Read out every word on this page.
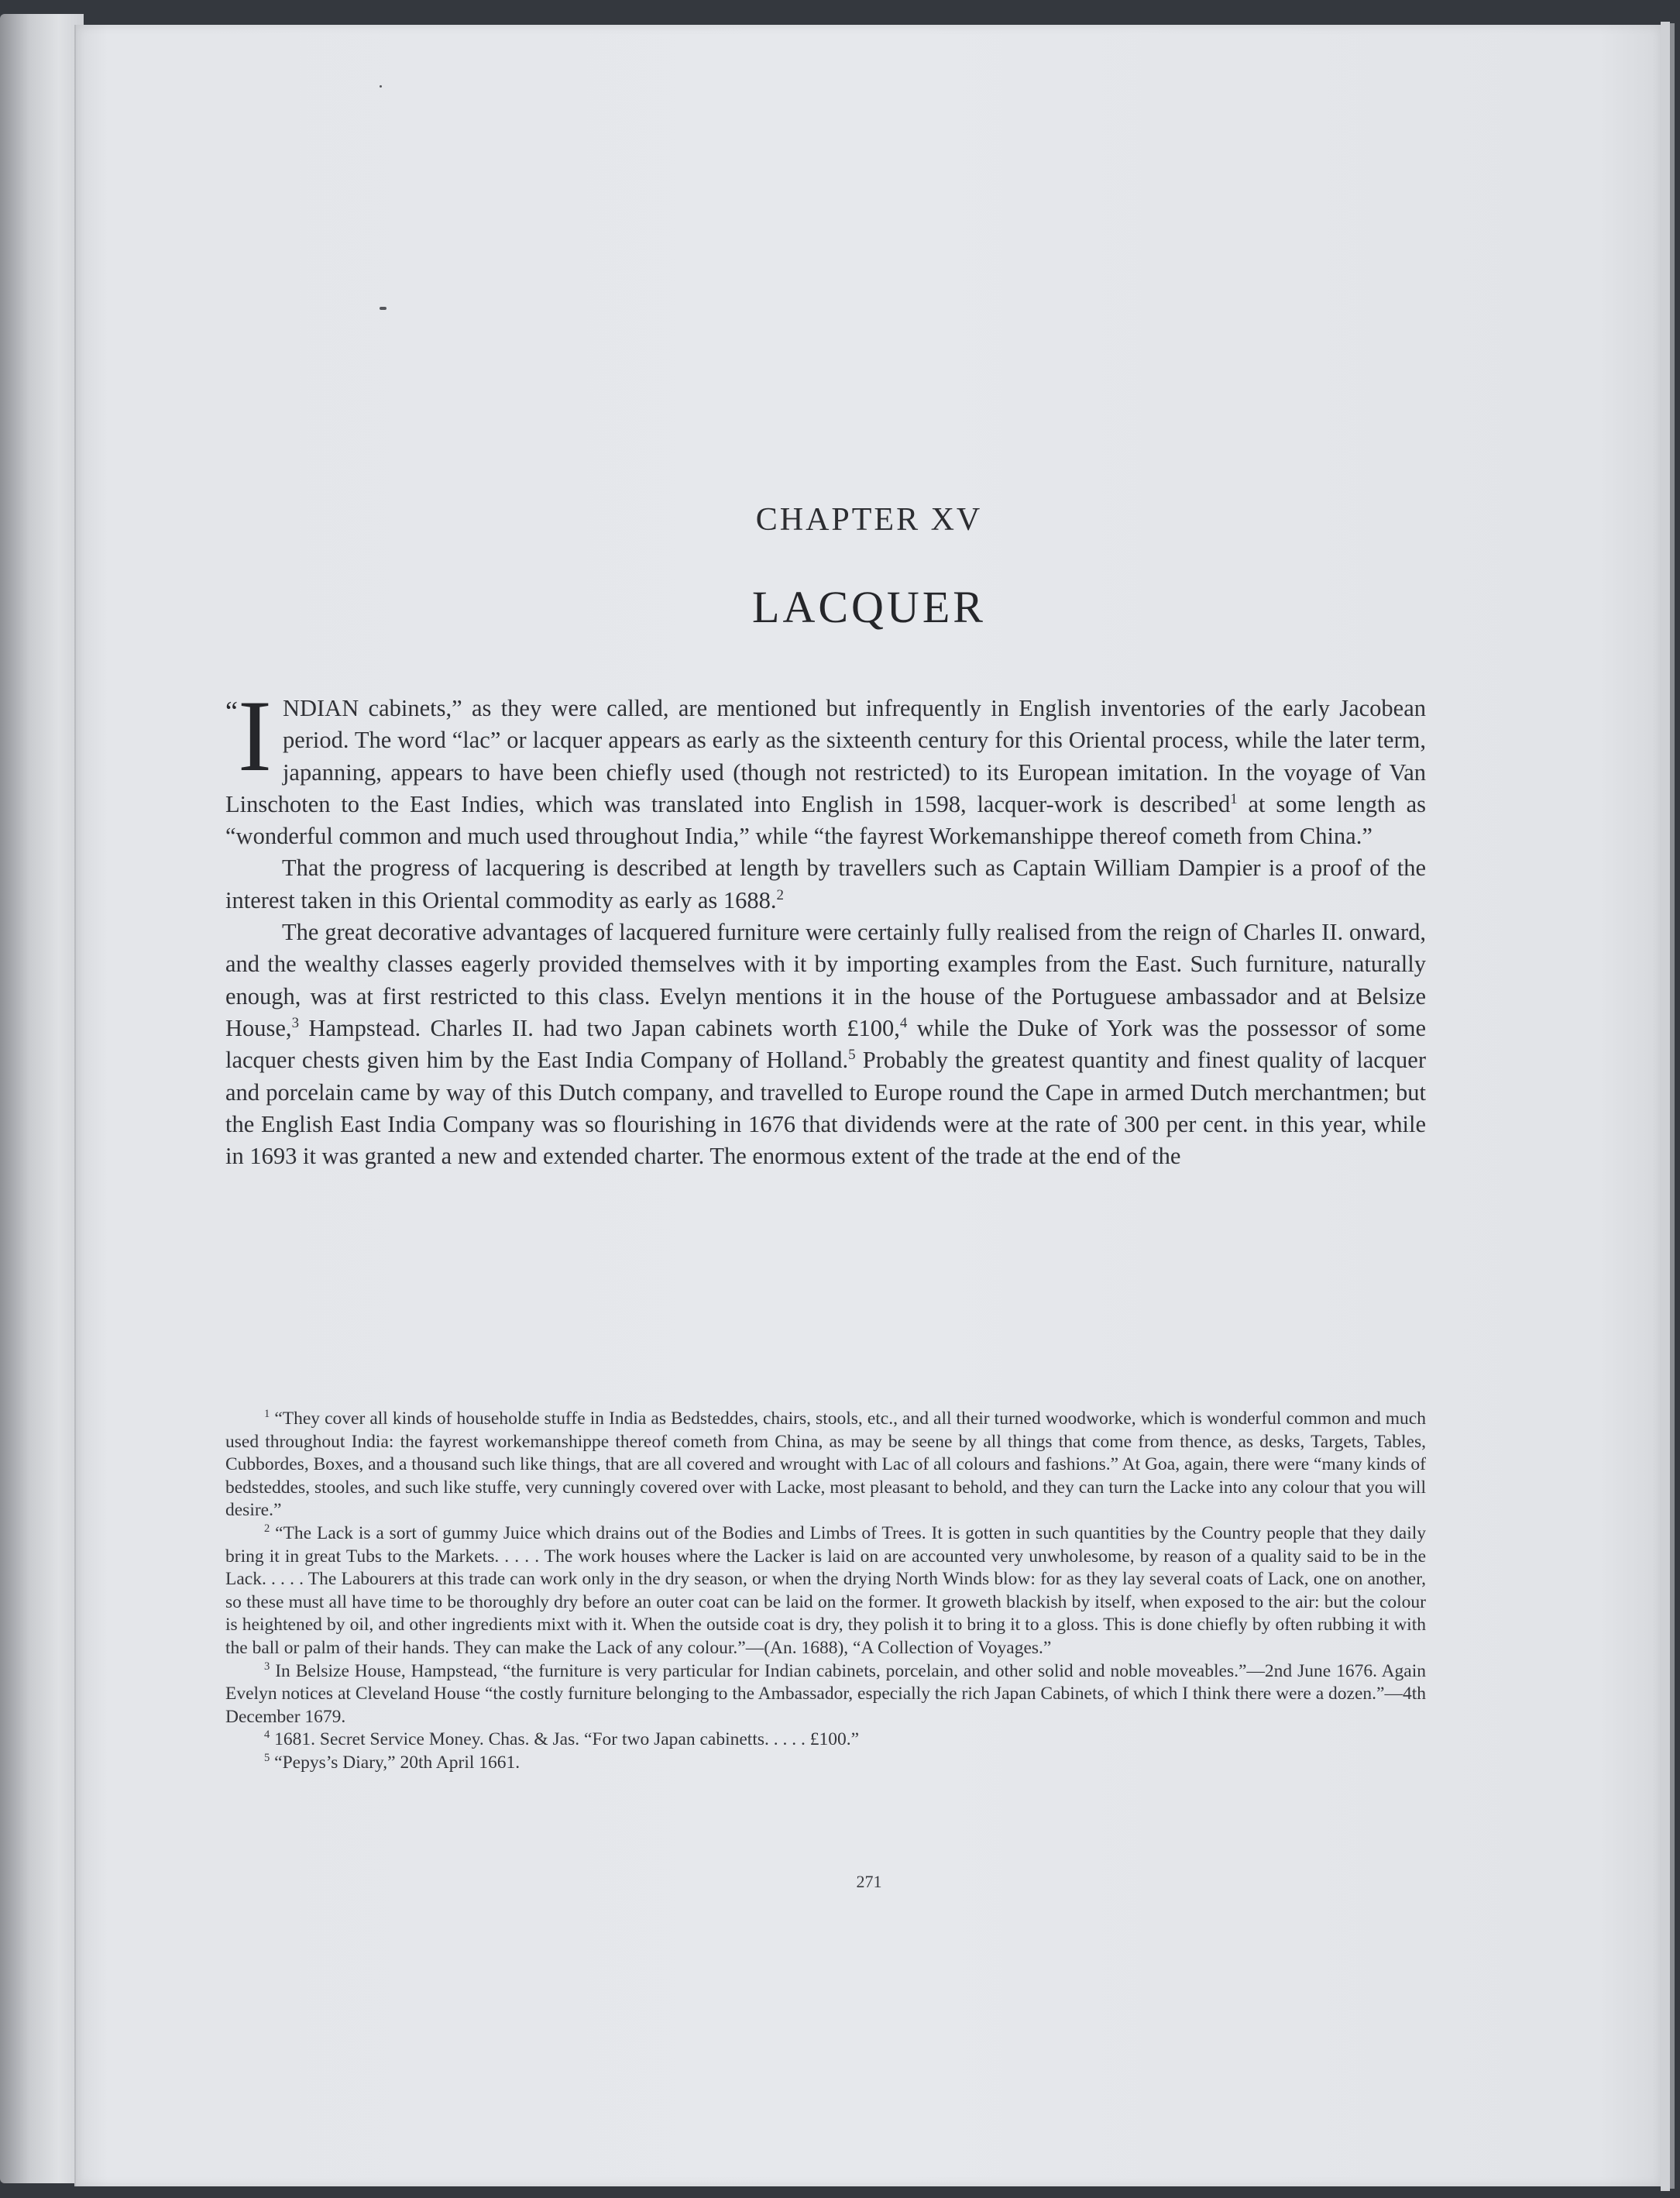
CHAPTER XV
LACQUER

“I NDIAN cabinets,” as they were called, are mentioned but infrequently in English inventories of the early Jacobean period. The word “lac” or lacquer appears as early as the sixteenth century for this Oriental process, while the later term, japanning, appears to have been chiefly used (though not restricted) to its European imitation. In the voyage of Van Linschoten to the East Indies, which was translated into English in 1598, lacquer-work is described$^1$ at some length as “wonderful common and much used throughout India,” while “the fayrest Workemanshippe thereof cometh from China.”

That the progress of lacquering is described at length by travellers such as Captain William Dampier is a proof of the interest taken in this Oriental commodity as early as 1688.$^2$

The great decorative advantages of lacquered furniture were certainly fully realised from the reign of Charles II. onward, and the wealthy classes eagerly provided themselves with it by importing examples from the East. Such furniture, naturally enough, was at first restricted to this class. Evelyn mentions it in the house of the Portuguese ambassador and at Belsize House,$^3$ Hampstead. Charles II. had two Japan cabinets worth £100,$^4$ while the Duke of York was the possessor of some lacquer chests given him by the East India Company of Holland.$^5$ Probably the greatest quantity and finest quality of lacquer and porcelain came by way of this Dutch company, and travelled to Europe round the Cape in armed Dutch merchantmen; but the English East India Company was so flourishing in 1676 that dividends were at the rate of 300 per cent. in this year, while in 1693 it was granted a new and extended charter. The enormous extent of the trade at the end of the

$^1$ “They cover all kinds of householde stuffe in India as Bedsteddes, chairs, stools, etc., and all their turned woodworke, which is wonderful common and much used throughout India: the fayrest workemanshippe thereof cometh from China, as may be seene by all things that come from thence, as desks, Targets, Tables, Cubbordes, Boxes, and a thousand such like things, that are all covered and wrought with Lac of all colours and fashions.” At Goa, again, there were “many kinds of bedsteddes, stooles, and such like stuffe, very cunningly covered over with Lacke, most pleasant to behold, and they can turn the Lacke into any colour that you will desire.”

$^2$ “The Lack is a sort of gummy Juice which drains out of the Bodies and Limbs of Trees. It is gotten in such quantities by the Country people that they daily bring it in great Tubs to the Markets. . . . . The work houses where the Lacker is laid on are accounted very unwholesome, by reason of a quality said to be in the Lack. . . . . The Labourers at this trade can work only in the dry season, or when the drying North Winds blow: for as they lay several coats of Lack, one on another, so these must all have time to be thoroughly dry before an outer coat can be laid on the former. It groweth blackish by itself, when exposed to the air: but the colour is heightened by oil, and other ingredients mixt with it. When the outside coat is dry, they polish it to bring it to a gloss. This is done chiefly by often rubbing it with the ball or palm of their hands. They can make the Lack of any colour.”—(An. 1688), “A Collection of Voyages.”

$^3$ In Belsize House, Hampstead, “the furniture is very particular for Indian cabinets, porcelain, and other solid and noble moveables.”—2nd June 1676. Again Evelyn notices at Cleveland House “the costly furniture belonging to the Ambassador, especially the rich Japan Cabinets, of which I think there were a dozen.”—4th December 1679.

$^4$ 1681. Secret Service Money. Chas. & Jas. “For two Japan cabinetts. . . . . £100.”

$^5$ “Pepys’s Diary,” 20th April 1661.

271
